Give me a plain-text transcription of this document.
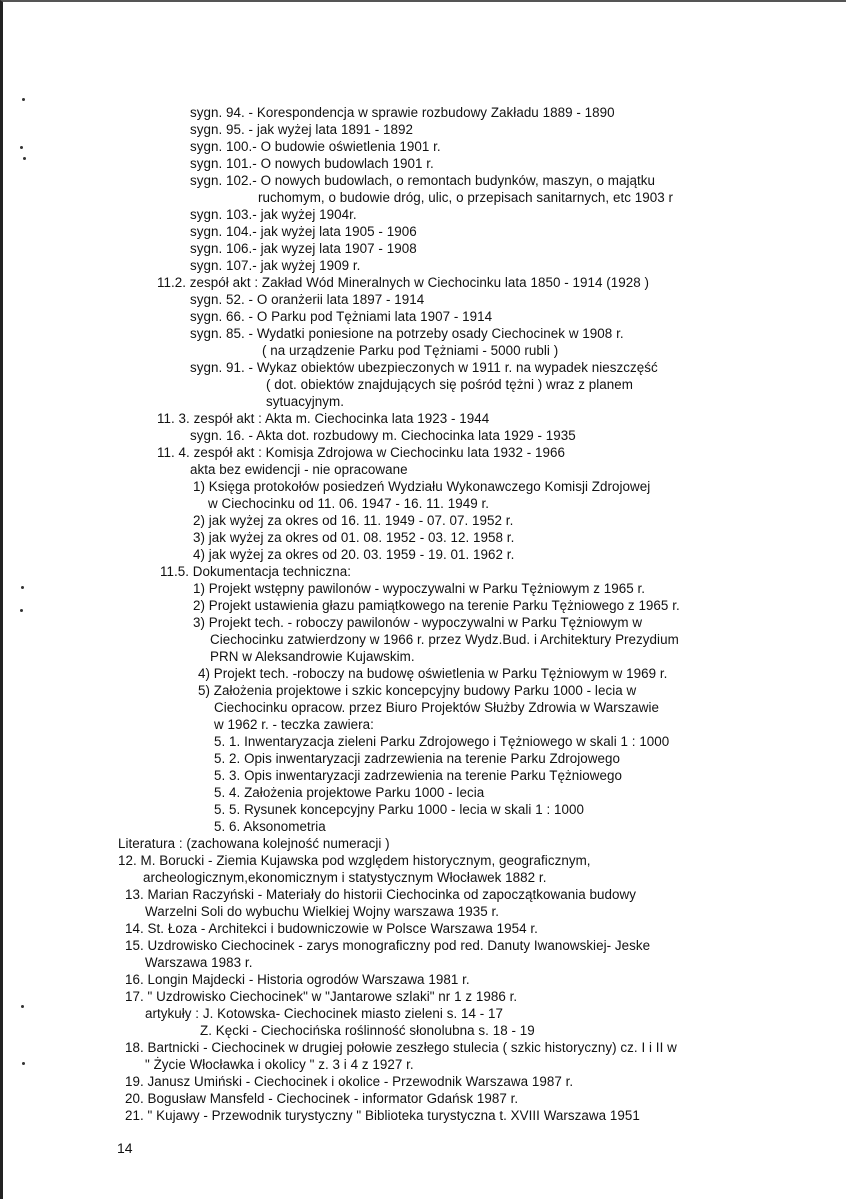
sygn. 94. - Korespondencja w sprawie rozbudowy Zakładu 1889 - 1890
sygn. 95. - jak wyżej lata 1891 - 1892
sygn. 100.- O budowie oświetlenia 1901 r.
sygn. 101.- O nowych budowlach 1901 r.
sygn. 102.- O nowych budowlach, o remontach budynków, maszyn, o majątku
ruchomym, o budowie dróg, ulic, o przepisach sanitarnych, etc 1903 r
sygn. 103.- jak wyżej 1904r.
sygn. 104.- jak wyżej lata 1905 - 1906
sygn. 106.- jak wyzej lata 1907 - 1908
sygn. 107.- jak wyżej 1909 r.
11.2. zespół akt : Zakład Wód Mineralnych w Ciechocinku lata 1850 - 1914 (1928 )
sygn. 52. - O oranżerii lata 1897 - 1914
sygn. 66. - O Parku pod Tężniami lata 1907 - 1914
sygn. 85. - Wydatki poniesione na potrzeby osady Ciechocinek w 1908 r.
( na urządzenie Parku pod Tężniami - 5000 rubli )
sygn. 91. - Wykaz obiektów ubezpieczonych w 1911 r. na wypadek nieszczęść
( dot. obiektów znajdujących się pośród tężni ) wraz z planem
sytuacyjnym.
11. 3. zespół akt : Akta m. Ciechocinka lata 1923 - 1944
sygn. 16. - Akta dot. rozbudowy m. Ciechocinka lata 1929 - 1935
11. 4. zespół akt : Komisja Zdrojowa w Ciechocinku lata 1932 - 1966
akta bez ewidencji - nie opracowane
1) Księga protokołów posiedzeń Wydziału Wykonawczego Komisji Zdrojowej
w Ciechocinku od 11. 06. 1947 - 16. 11. 1949 r.
2) jak wyżej za okres od 16. 11. 1949 - 07. 07. 1952 r.
3) jak wyżej za okres od 01. 08. 1952 - 03. 12. 1958 r.
4) jak wyżej za okres od 20. 03. 1959 - 19. 01. 1962 r.
11.5. Dokumentacja techniczna:
1) Projekt wstępny pawilonów - wypoczywalni w Parku Tężniowym z 1965 r.
2) Projekt ustawienia głazu pamiątkowego na terenie Parku Tężniowego z 1965 r.
3) Projekt tech. - roboczy pawilonów - wypoczywalni w Parku Tężniowym w
Ciechocinku zatwierdzony w 1966 r. przez Wydz.Bud. i Architektury Prezydium
PRN w Aleksandrowie Kujawskim.
4) Projekt tech. -roboczy na budowę oświetlenia w Parku Tężniowym w 1969 r.
5) Założenia projektowe i szkic koncepcyjny budowy Parku 1000 - lecia w
Ciechocinku opracow. przez Biuro Projektów Służby Zdrowia w Warszawie
w 1962 r. - teczka zawiera:
5. 1. Inwentaryzacja zieleni Parku Zdrojowego i Tężniowego w skali 1 : 1000
5. 2. Opis inwentaryzacji zadrzewienia na terenie Parku Zdrojowego
5. 3. Opis inwentaryzacji zadrzewienia na terenie Parku Tężniowego
5. 4. Założenia projektowe Parku 1000 - lecia
5. 5. Rysunek koncepcyjny Parku 1000 - lecia w skali 1 : 1000
5. 6. Aksonometria
Literatura : (zachowana kolejność numeracji )
12. M. Borucki - Ziemia Kujawska pod względem historycznym, geograficznym,
archeologicznym,ekonomicznym i statystycznym Włocławek 1882 r.
13. Marian Raczyński - Materiały do historii Ciechocinka od zapoczątkowania budowy
Warzelni Soli do wybuchu Wielkiej Wojny warszawa 1935 r.
14. St. Łoza - Architekci i budowniczowie w Polsce Warszawa 1954 r.
15. Uzdrowisko Ciechocinek - zarys monograficzny pod red. Danuty Iwanowskiej- Jeske
Warszawa 1983 r.
16. Longin Majdecki - Historia ogrodów Warszawa 1981 r.
17. " Uzdrowisko Ciechocinek" w "Jantarowe szlaki" nr 1 z 1986 r.
artykuły : J. Kotowska- Ciechocinek miasto zieleni s. 14 - 17
Z. Kęcki - Ciechocińska roślinność słonolubna s. 18 - 19
18. Bartnicki - Ciechocinek w drugiej połowie zeszłego stulecia ( szkic historyczny) cz. I i II w
" Życie Włocławka i okolicy " z. 3 i 4 z 1927 r.
19. Janusz Umiński - Ciechocinek i okolice - Przewodnik Warszawa 1987 r.
20. Bogusław Mansfeld - Ciechocinek - informator Gdańsk 1987 r.
21. " Kujawy - Przewodnik turystyczny " Biblioteka turystyczna t. XVIII Warszawa 1951
14
